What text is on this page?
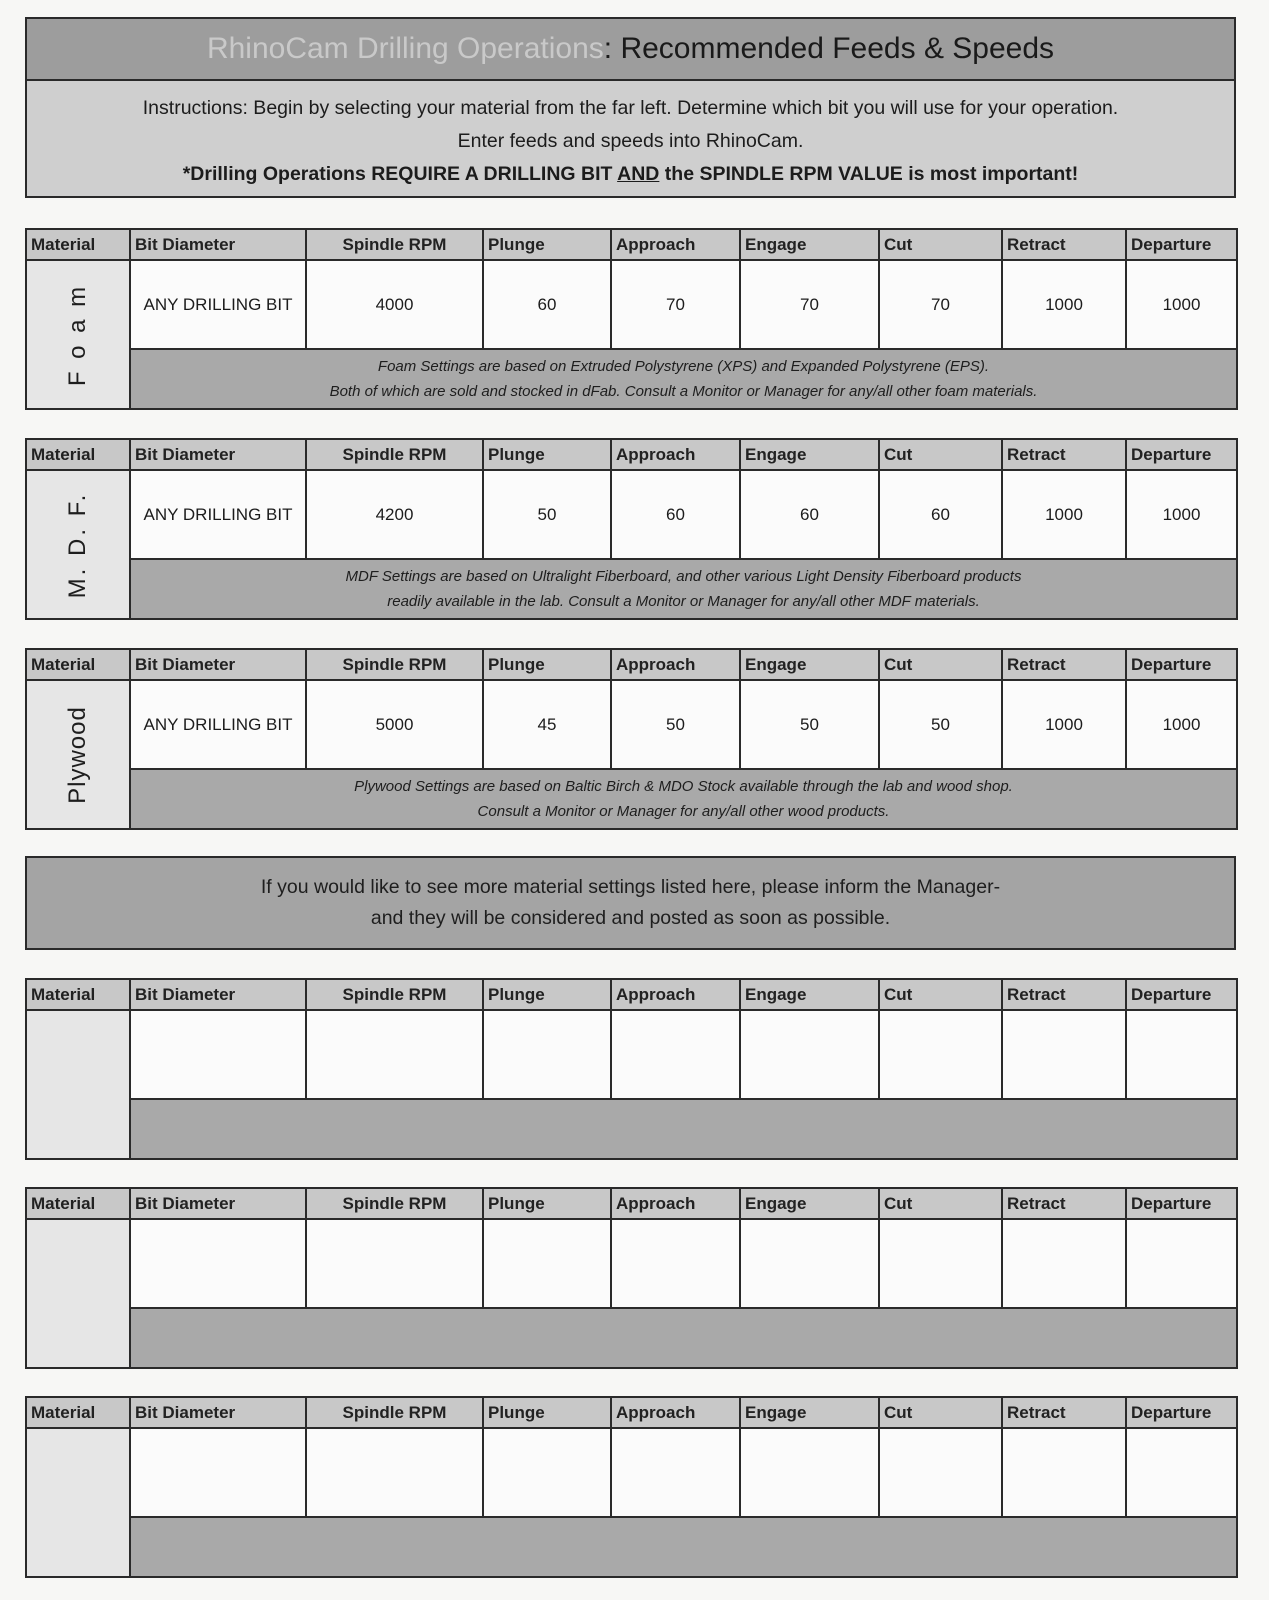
RhinoCam Drilling Operations : Recommended Feeds & Speeds
Instructions: Begin by selecting your material from the far left. Determine which bit you will use for your operation.
Enter feeds and speeds into RhinoCam.
*Drilling Operations REQUIRE A DRILLING BIT AND the SPINDLE RPM VALUE is most important!
Material	Bit Diameter	Spindle RPM	Plunge	Approach	Engage	Cut	Retract	Departure

F o a m	ANY DRILLING BIT	4000	60	70	70	70	1000	1000

	Foam Settings are based on Extruded Polystyrene (XPS) and Expanded Polystyrene (EPS).
Both of which are sold and stocked in dFab. Consult a Monitor or Manager for any/all other foam materials.							
Material	Bit Diameter	Spindle RPM	Plunge	Approach	Engage	Cut	Retract	Departure

M. D. F.	ANY DRILLING BIT	4200	50	60	60	60	1000	1000

	MDF Settings are based on Ultralight Fiberboard, and other various Light Density Fiberboard products
readily available in the lab. Consult a Monitor or Manager for any/all other MDF materials.							
Material	Bit Diameter	Spindle RPM	Plunge	Approach	Engage	Cut	Retract	Departure

Plywood	ANY DRILLING BIT	5000	45	50	50	50	1000	1000

	Plywood Settings are based on Baltic Birch & MDO Stock available through the lab and wood shop.
Consult a Monitor or Manager for any/all other wood products.							
If you would like to see more material settings listed here, please inform the Manager-
and they will be considered and posted as soon as possible.
Material	Bit Diameter	Spindle RPM	Plunge	Approach	Engage	Cut	Retract	Departure

Material	Bit Diameter	Spindle RPM	Plunge	Approach	Engage	Cut	Retract	Departure

Material	Bit Diameter	Spindle RPM	Plunge	Approach	Engage	Cut	Retract	Departure
